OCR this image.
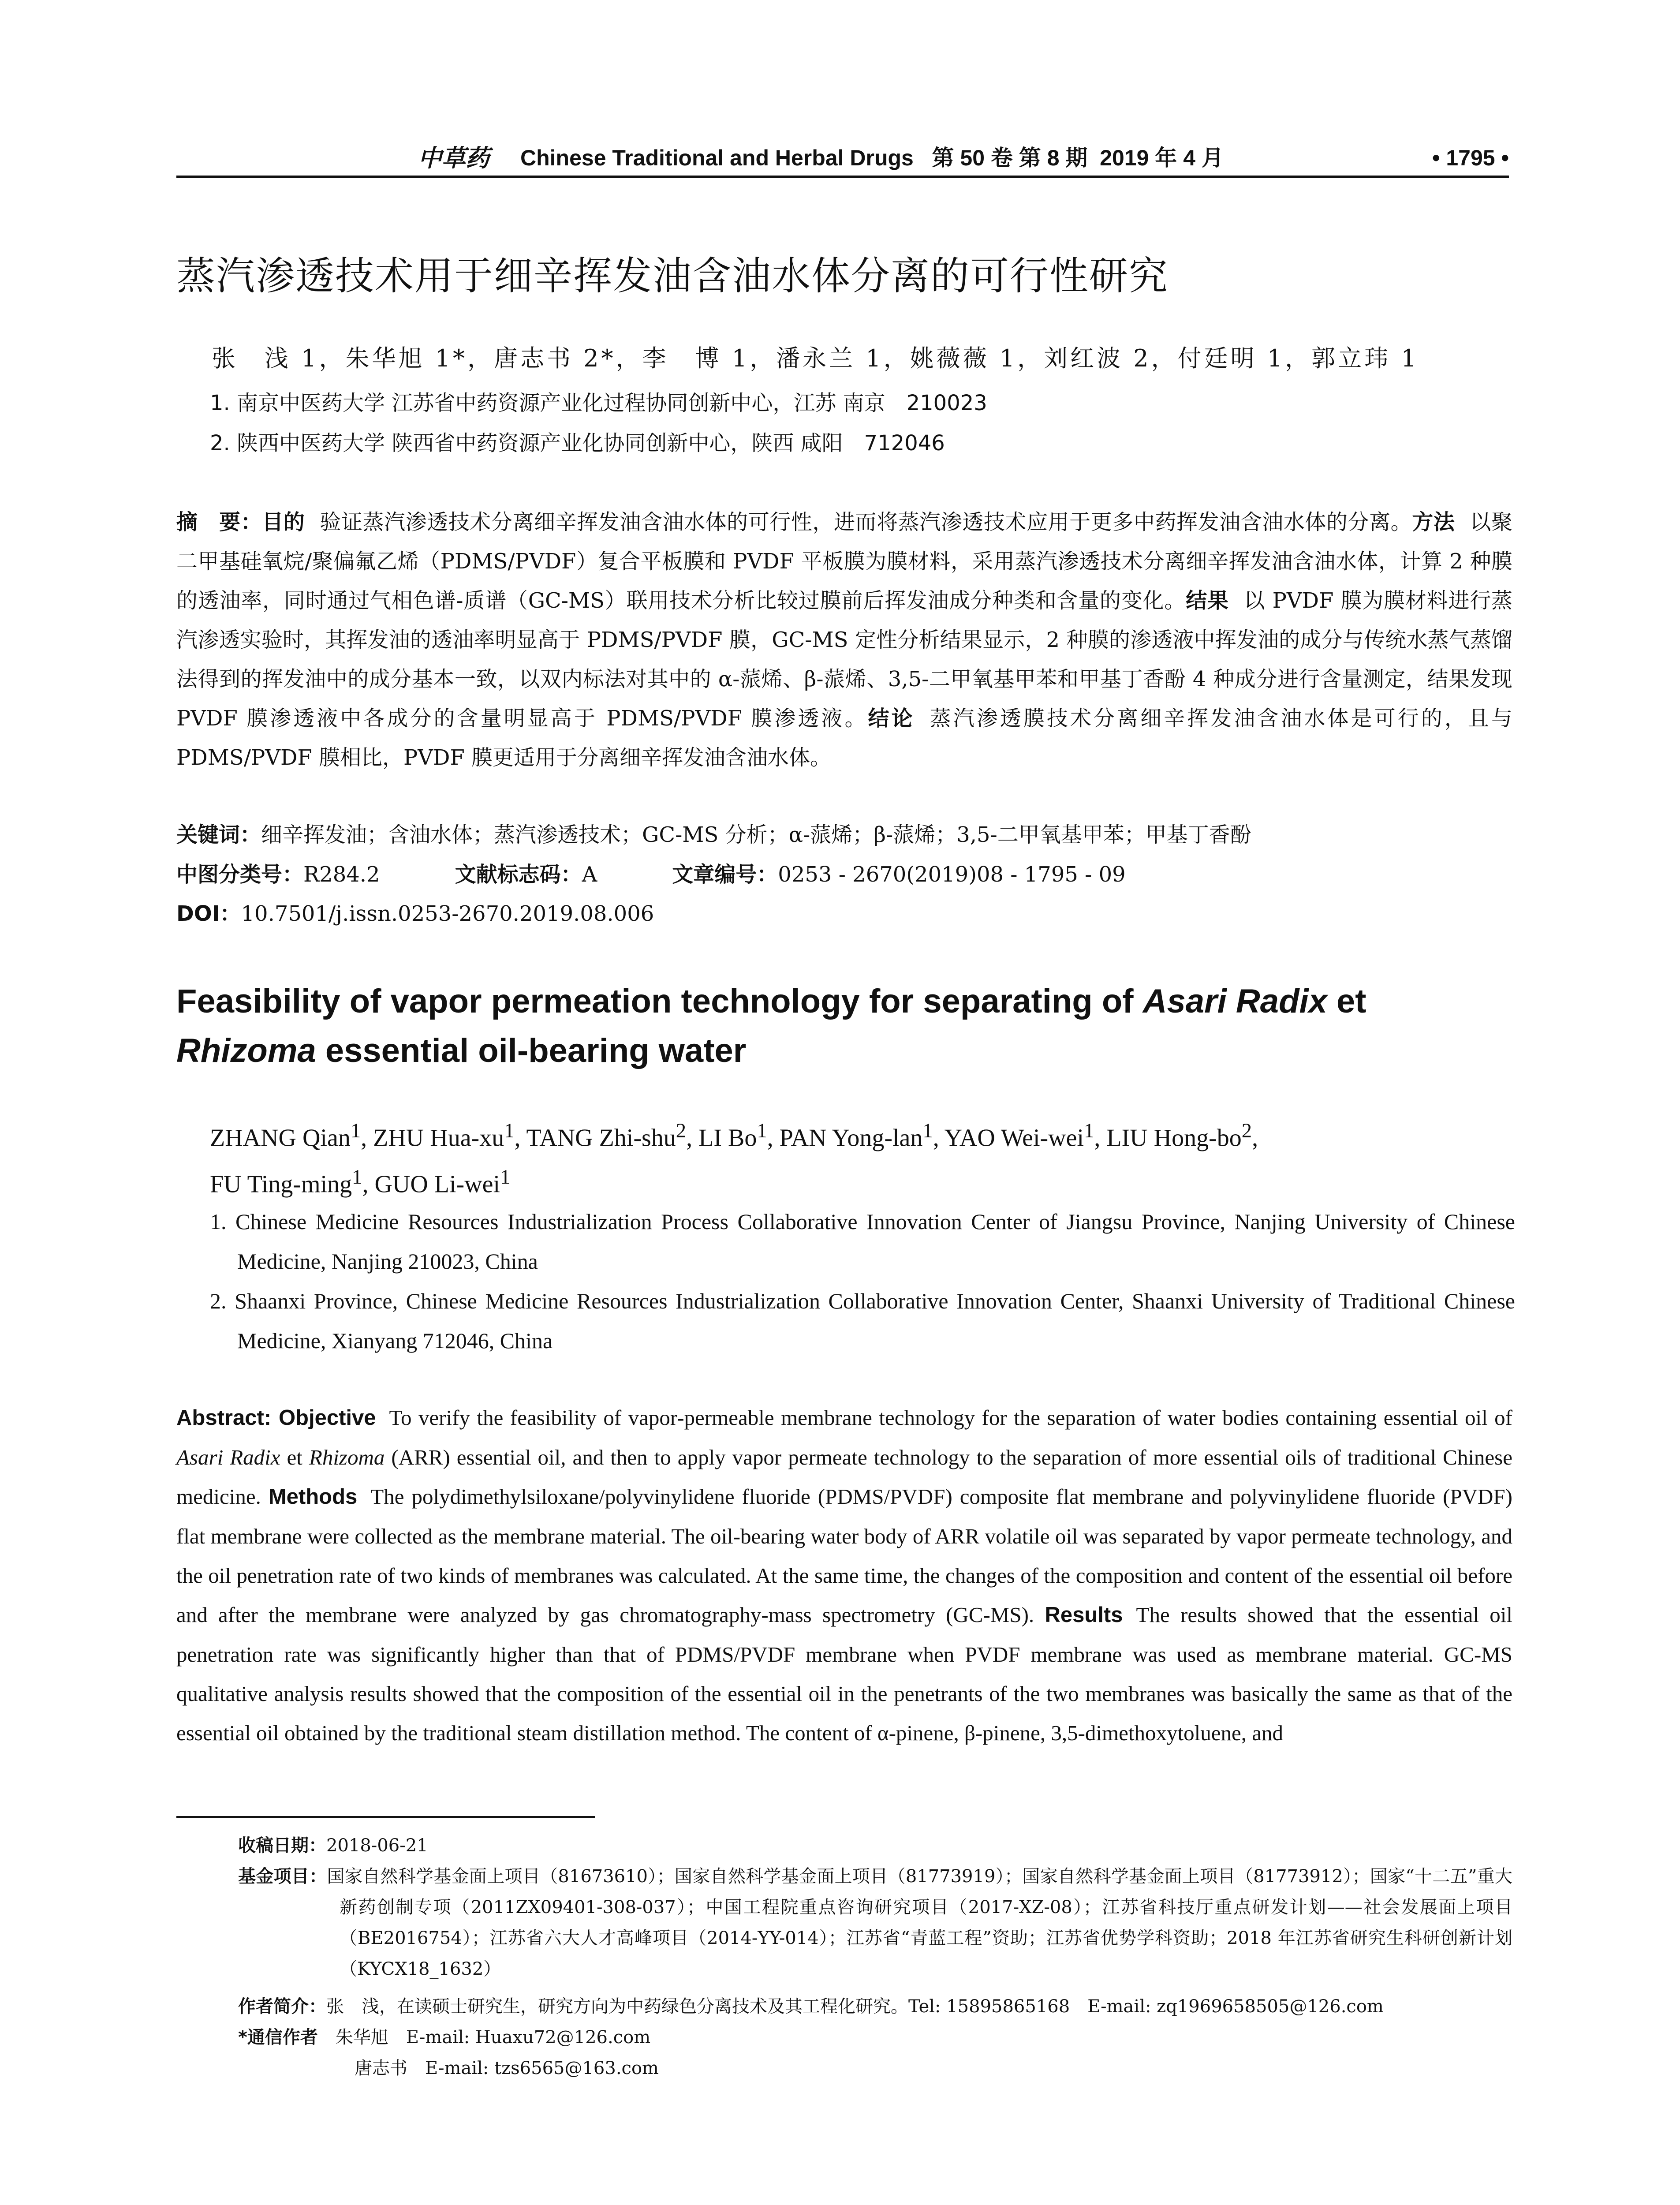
中草药 Chinese Traditional and Herbal Drugs   第 50 卷 第 8 期  2019 年 4 月	• 1795 •
蒸汽渗透技术用于细辛挥发油含油水体分离的可行性研究
张　浅 1，朱华旭 1*，唐志书 2*，李　博 1，潘永兰 1，姚薇薇 1，刘红波 2，付廷明 1，郭立玮 1
1. 南京中医药大学 江苏省中药资源产业化过程协同创新中心，江苏 南京　210023
2. 陕西中医药大学 陕西省中药资源产业化协同创新中心，陕西 咸阳　712046
摘　要：目的 验证蒸汽渗透技术分离细辛挥发油含油水体的可行性，进而将蒸汽渗透技术应用于更多中药挥发油含油水体的分离。方法 以聚二甲基硅氧烷/聚偏氟乙烯（PDMS/PVDF）复合平板膜和 PVDF 平板膜为膜材料，采用蒸汽渗透技术分离细辛挥发油含油水体，计算 2 种膜的透油率，同时通过气相色谱-质谱（GC-MS）联用技术分析比较过膜前后挥发油成分种类和含量的变化。结果 以 PVDF 膜为膜材料进行蒸汽渗透实验时，其挥发油的透油率明显高于 PDMS/PVDF 膜，GC-MS 定性分析结果显示，2 种膜的渗透液中挥发油的成分与传统水蒸气蒸馏法得到的挥发油中的成分基本一致，以双内标法对其中的 α-蒎烯、β-蒎烯、3,5-二甲氧基甲苯和甲基丁香酚 4 种成分进行含量测定，结果发现 PVDF 膜渗透液中各成分的含量明显高于 PDMS/PVDF 膜渗透液。结论 蒸汽渗透膜技术分离细辛挥发油含油水体是可行的，且与 PDMS/PVDF 膜相比，PVDF 膜更适用于分离细辛挥发油含油水体。
关键词：细辛挥发油；含油水体；蒸汽渗透技术；GC-MS 分析；α-蒎烯；β-蒎烯；3,5-二甲氧基甲苯；甲基丁香酚
中图分类号：R284.2	文献标志码：A	文章编号：0253 - 2670(2019)08 - 1795 - 09
DOI：10.7501/j.issn.0253-2670.2019.08.006
Feasibility of vapor permeation technology for separating of Asari Radix et Rhizoma essential oil-bearing water
ZHANG Qian$^1$, ZHU Hua-$xu^1$, TANG Zhi-shu$^2$, LI Bo$^1$, PAN Yong-lan$^1$, YAO Wei-wei$^1$, LIU Hong-$bo^2$,
FU Ting-ming$^1$, GUO Li-wei$^1$
1. Chinese Medicine Resources Industrialization Process Collaborative Innovation Center of Jiangsu Province, Nanjing University of Chinese Medicine, Nanjing 210023, China
2. Shaanxi Province, Chinese Medicine Resources Industrialization Collaborative Innovation Center, Shaanxi University of Traditional Chinese Medicine, Xianyang 712046, China
Abstract: Objective To verify the feasibility of vapor-permeable membrane technology for the separation of water bodies containing essential oil of Asari Radix et Rhizoma (ARR) essential oil, and then to apply vapor permeate technology to the separation of more essential oils of traditional Chinese medicine. Methods The polydimethylsiloxane/polyvinylidene fluoride (PDMS/PVDF) composite flat membrane and polyvinylidene fluoride (PVDF) flat membrane were collected as the membrane material. The oil-bearing water body of ARR volatile oil was separated by vapor permeate technology, and the oil penetration rate of two kinds of membranes was calculated. At the same time, the changes of the composition and content of the essential oil before and after the membrane were analyzed by gas chromatography-mass spectrometry (GC-MS). Results The results showed that the essential oil penetration rate was significantly higher than that of PDMS/PVDF membrane when PVDF membrane was used as membrane material. GC-MS qualitative analysis results showed that the composition of the essential oil in the penetrants of the two membranes was basically the same as that of the essential oil obtained by the traditional steam distillation method. The content of α-pinene, β-pinene, 3,5-dimethoxytoluene, and
收稿日期：2018-06-21
基金项目：国家自然科学基金面上项目（81673610）；国家自然科学基金面上项目（81773919）；国家自然科学基金面上项目（81773912）；国家“十二五”重大新药创制专项（2011ZX09401-308-037）；中国工程院重点咨询研究项目（2017-XZ-08）；江苏省科技厅重点研发计划——社会发展面上项目（BE2016754）；江苏省六大人才高峰项目（2014-YY-014）；江苏省“青蓝工程”资助；江苏省优势学科资助；2018 年江苏省研究生科研创新计划（KYCX18_1632）
作者简介：张　浅，在读硕士研究生，研究方向为中药绿色分离技术及其工程化研究。Tel: 15895865168　E-mail: zq1969658505@126.com
*通信作者 朱华旭　E-mail: Huaxu72@126.com
唐志书　E-mail: tzs6565@163.com
